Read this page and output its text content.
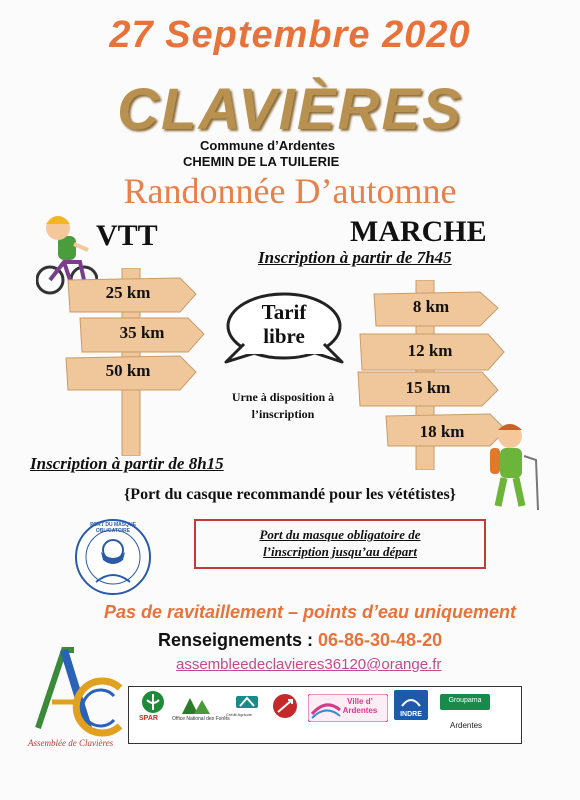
27 Septembre 2020
CLAVIÈRES
Commune d’Ardentes
CHEMIN DE LA TUILERIE
Randonnée D’automne
VTT
25 km
35 km
50 km
Tarif
libre
Urne à disposition à
l’inscription
MARCHE
Inscription à partir de 7h45
8 km
12 km
15 km
18 km
Inscription à partir de 8h15
{Port du casque recommandé pour les vététistes}
PORT DU MASQUE OBLIGATOIRE	Port du masque obligatoire de
l’inscription jusqu’au départ
Pas de ravitaillement – points d’eau uniquement
Renseignements : 06-86-30-48-20
assembleedeclavieres36120@orange.fr
Assemblée de Clavières
SPAR	Office National des Forêts
Crédit Agricole
Archery
Ville d’ Ardentes	INDRE
Groupama
Ardentes
